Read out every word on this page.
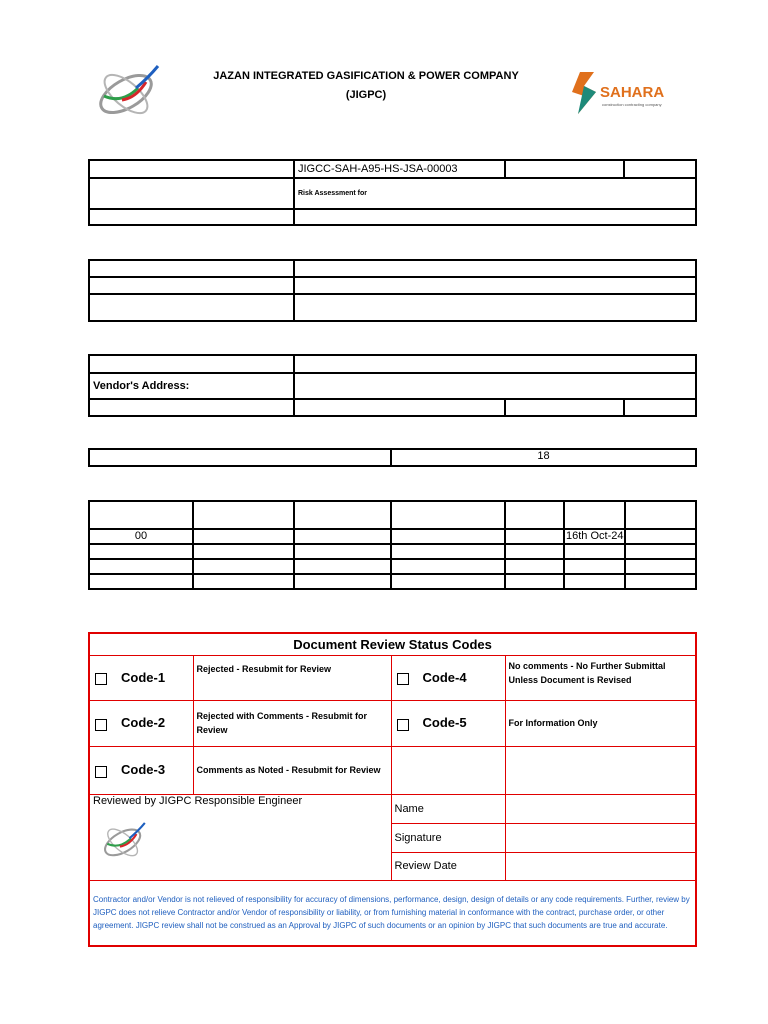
JAZAN INTEGRATED GASIFICATION & POWER COMPANY
(JIGPC)	SAHARA
construction contracting company
	JIGCC-SAH-A95-HS-JSA-00003		
	Risk Assessment for		

Vendor's Address:			

	18

00					16th Oct-24	

Document Review Status Codes			
Code-1	Rejected - Resubmit for Review	Code-4	No comments - No Further Submittal Unless Document is Revised
Code-2	Rejected with Comments - Resubmit for Review	Code-5	For Information Only
Code-3	Comments as Noted - Resubmit for Review		

Reviewed by JIGPC Responsible Engineer		Name	
		Signature	
		Review Date	
Contractor and/or Vendor is not relieved of responsibility for accuracy of dimensions, performance, design, design of details or any code requirements. Further, review by JIGPC does not relieve Contractor and/or Vendor of responsibility or liability, or from furnishing material in conformance with the contract, purchase order, or other agreement. JIGPC review shall not be construed as an Approval by JIGPC of such documents or an opinion by JIGPC that such documents are true and accurate.			
